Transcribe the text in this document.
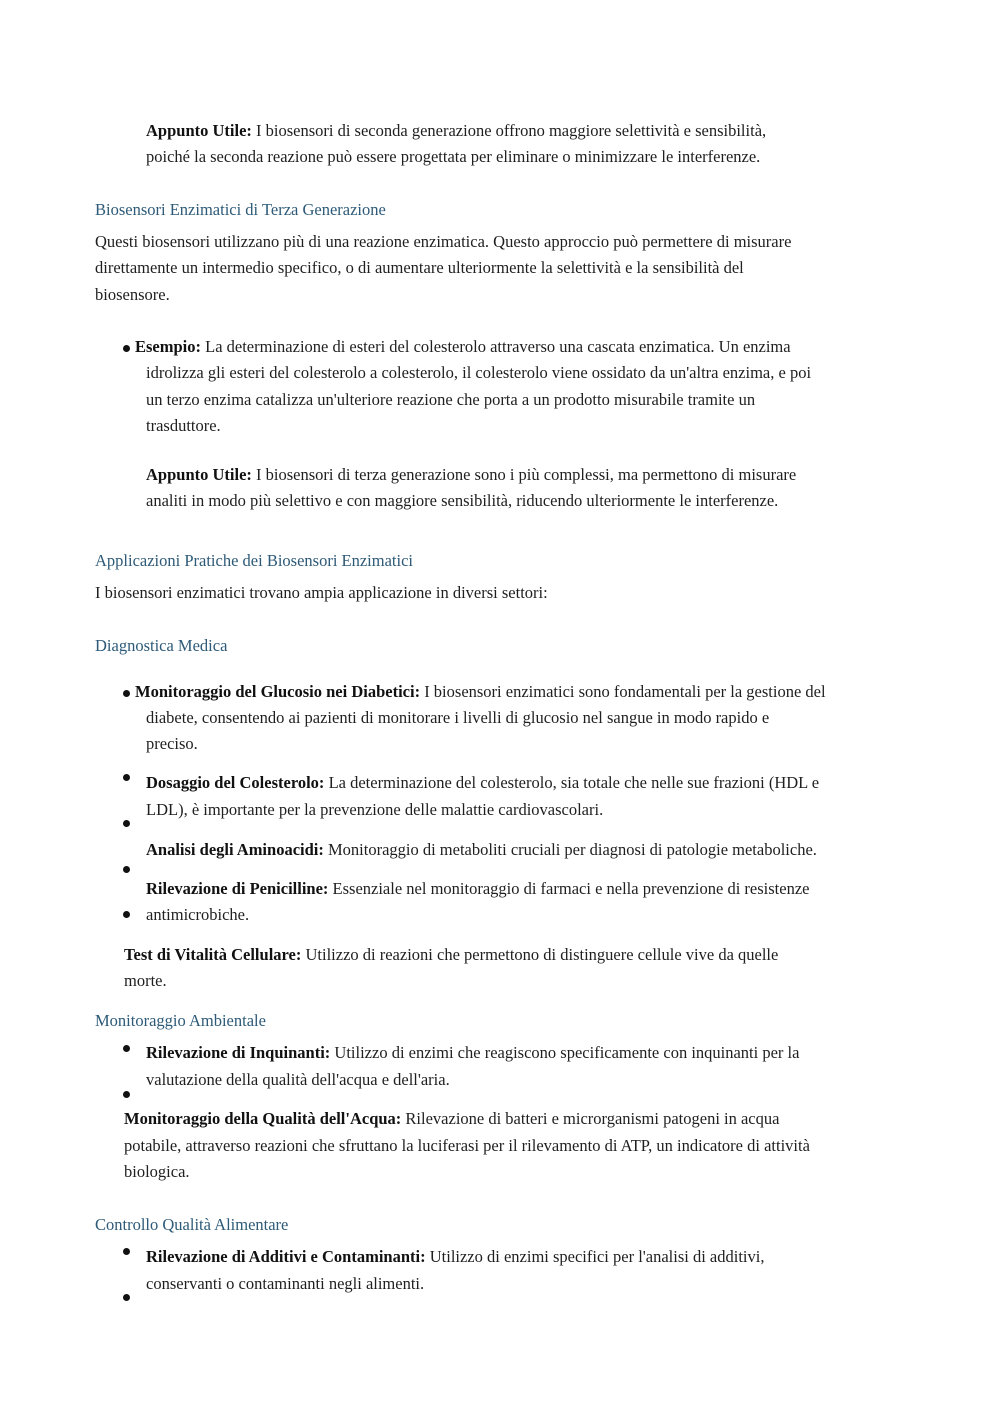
Appunto Utile: I biosensori di seconda generazione offrono maggiore selettività e sensibilità,
poiché la seconda reazione può essere progettata per eliminare o minimizzare le interferenze.
Biosensori Enzimatici di Terza Generazione
Questi biosensori utilizzano più di una reazione enzimatica. Questo approccio può permettere di misurare
direttamente un intermedio specifico, o di aumentare ulteriormente la selettività e la sensibilità del
biosensore.
Esempio: La determinazione di esteri del colesterolo attraverso una cascata enzimatica. Un enzima
idrolizza gli esteri del colesterolo a colesterolo, il colesterolo viene ossidato da un'altra enzima, e poi
un terzo enzima catalizza un'ulteriore reazione che porta a un prodotto misurabile tramite un
trasduttore.
Appunto Utile: I biosensori di terza generazione sono i più complessi, ma permettono di misurare
analiti in modo più selettivo e con maggiore sensibilità, riducendo ulteriormente le interferenze.
Applicazioni Pratiche dei Biosensori Enzimatici
I biosensori enzimatici trovano ampia applicazione in diversi settori:
Diagnostica Medica
Monitoraggio del Glucosio nei Diabetici: I biosensori enzimatici sono fondamentali per la gestione del
diabete, consentendo ai pazienti di monitorare i livelli di glucosio nel sangue in modo rapido e
preciso.
Dosaggio del Colesterolo: La determinazione del colesterolo, sia totale che nelle sue frazioni (HDL e
LDL), è importante per la prevenzione delle malattie cardiovascolari.
Analisi degli Aminoacidi: Monitoraggio di metaboliti cruciali per diagnosi di patologie metaboliche.
Rilevazione di Penicilline: Essenziale nel monitoraggio di farmaci e nella prevenzione di resistenze
antimicrobiche.
Test di Vitalità Cellulare: Utilizzo di reazioni che permettono di distinguere cellule vive da quelle
morte.
Monitoraggio Ambientale
Rilevazione di Inquinanti: Utilizzo di enzimi che reagiscono specificamente con inquinanti per la
valutazione della qualità dell'acqua e dell'aria.
Monitoraggio della Qualità dell'Acqua: Rilevazione di batteri e microrganismi patogeni in acqua
potabile, attraverso reazioni che sfruttano la luciferasi per il rilevamento di ATP, un indicatore di attività
biologica.
Controllo Qualità Alimentare
Rilevazione di Additivi e Contaminanti: Utilizzo di enzimi specifici per l'analisi di additivi,
conservanti o contaminanti negli alimenti.
